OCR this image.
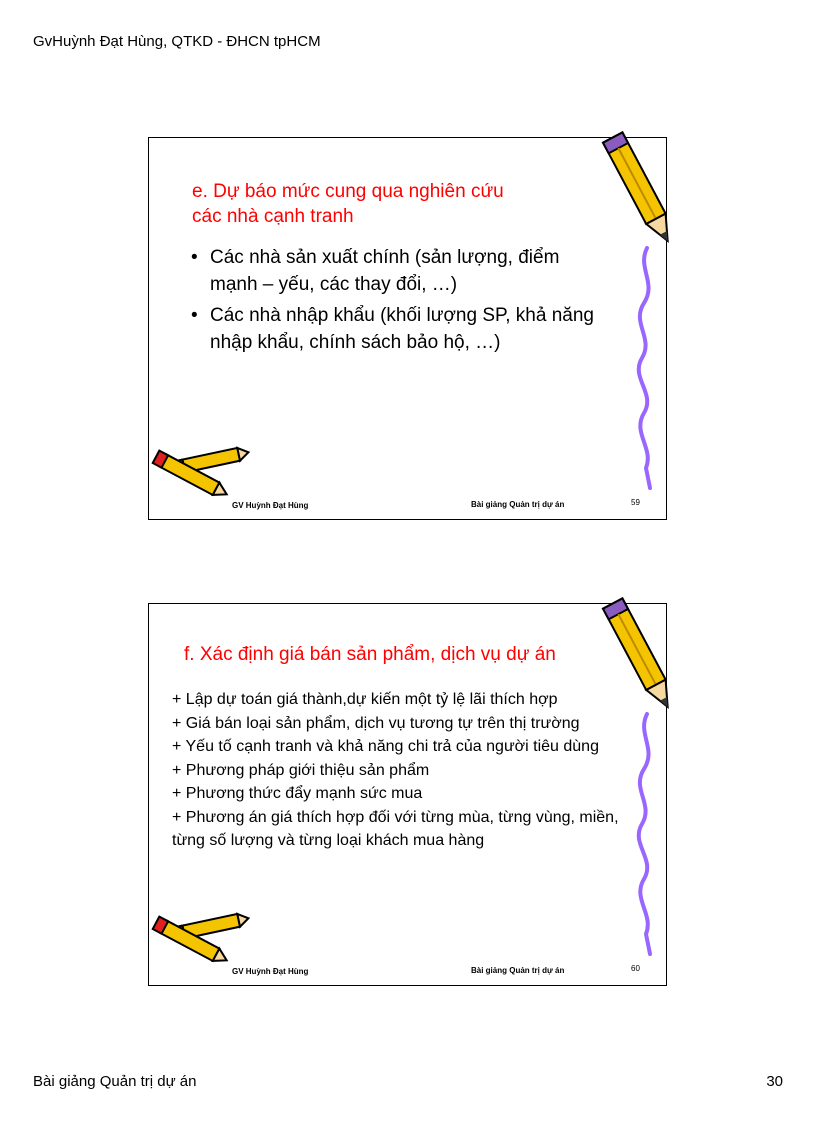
GvHuỳnh Đạt Hùng, QTKD - ĐHCN tpHCM
e. Dự báo mức cung qua nghiên cứu
các nhà cạnh tranh
• Các nhà sản xuất chính (sản lượng, điểm mạnh – yếu, các thay đổi, …)
• Các nhà nhập khẩu (khối lượng SP, khả năng nhập khẩu, chính sách bảo hộ, …)
GV Huỳnh Đạt Hùng	Bài giảng Quản trị dự án	59
f. Xác định giá bán sản phẩm, dịch vụ dự án
+ Lập dự toán giá thành,dự kiến một tỷ lệ lãi thích hợp
+ Giá bán loại sản phẩm, dịch vụ tương tự trên thị trường
+ Yếu tố cạnh tranh và khả năng chi trả của người tiêu dùng
+ Phương pháp giới thiệu sản phẩm
+ Phương thức đẩy mạnh sức mua
+ Phương án giá thích hợp đối với từng mùa, từng vùng, miền, từng số lượng và từng loại khách mua hàng
GV Huỳnh Đạt Hùng	Bài giảng Quản trị dự án	60
Bài giảng Quản trị dự án	30
